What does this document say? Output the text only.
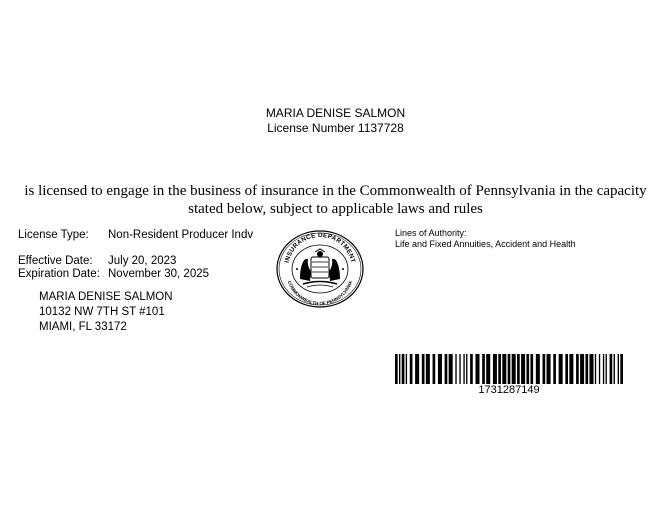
MARIA DENISE SALMON
License Number 1137728
is licensed to engage in the business of insurance in the Commonwealth of Pennsylvania in the capacity
stated below, subject to applicable laws and rules
License Type: Non-Resident Producer Indv
Effective Date: July 20, 2023
Expiration Date: November 30, 2025
MARIA DENISE SALMON
10132 NW 7TH ST #101
MIAMI, FL 33172
INSURANCE DEPARTMENT
COMMONWEALTH OF PENNSYLVANIA
Lines of Authority:
Life and Fixed Annuities, Accident and Health
1731287149
